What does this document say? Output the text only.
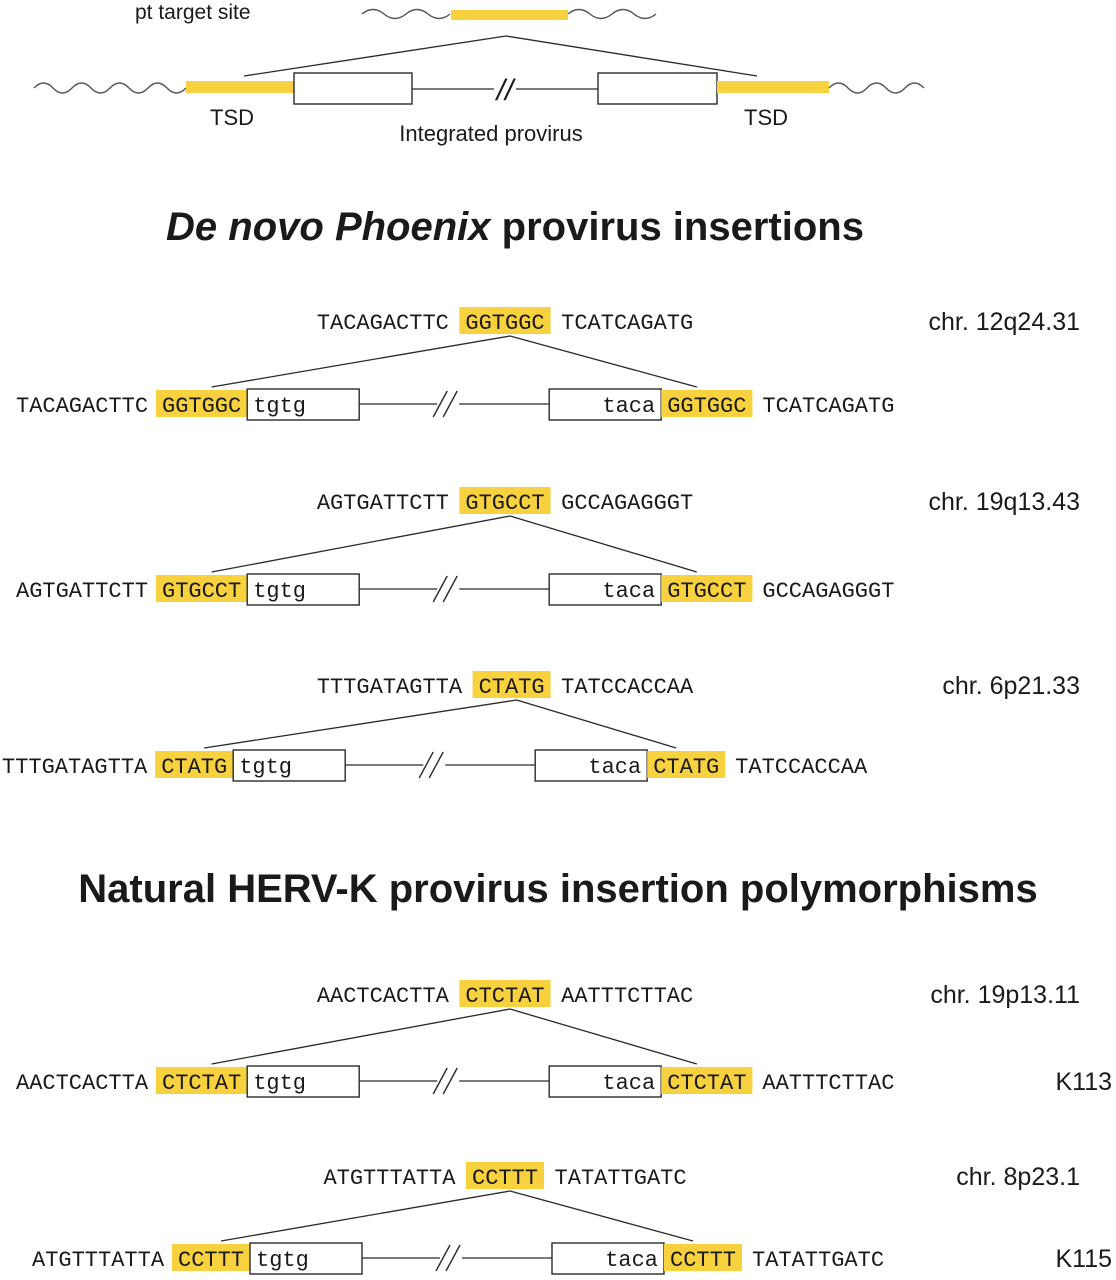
pt target site
//
TSD
Integrated provirus
TSD
De novo Phoenix provirus insertions
Natural HERV-K provirus insertion polymorphisms
TACAGACTTC GGTGGC TCATCAGATG	chr. 12q24.31
TACAGACTTC GGTGGC tgtg	taca GGTGGC TCATCAGATG
AGTGATTCTT GTGCCT GCCAGAGGGT	chr. 19q13.43
AGTGATTCTT GTGCCT tgtg	taca GTGCCT GCCAGAGGGT
TTTGATAGTTA CTATG TATCCACCAA	chr. 6p21.33
TTTGATAGTTA CTATG tgtg	taca CTATG TATCCACCAA
AACTCACTTA CTCTAT AATTTCTTAC	chr. 19p13.11
AACTCACTTA CTCTAT tgtg	taca CTCTAT AATTTCTTAC	K113
ATGTTTATTA CCTTT TATATTGATC	chr. 8p23.1
ATGTTTATTA CCTTT tgtg	taca CCTTT TATATTGATC	K115
